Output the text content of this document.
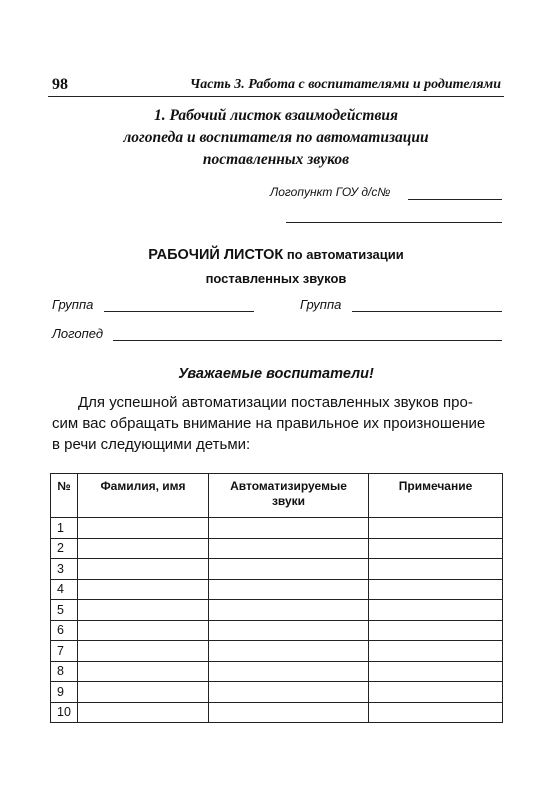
98	Часть 3. Работа с воспитателями и родителями
1. Рабочий листок взаимодействия
логопеда и воспитателя по автоматизации
поставленных звуков
Логопункт ГОУ д/с№
РАБОЧИЙ ЛИСТОК по автоматизации
поставленных звуков
Группа	Группа
Логопед
Уважаемые воспитатели!
Для успешной автоматизации поставленных звуков про-
сим вас обращать внимание на правильное их произношение
в речи следующими детьми:
№	Фамилия, имя	Автоматизируемые звуки	Примечание
1			
2			
3			
4			
5			
6			
7			
8			
9			
10			
